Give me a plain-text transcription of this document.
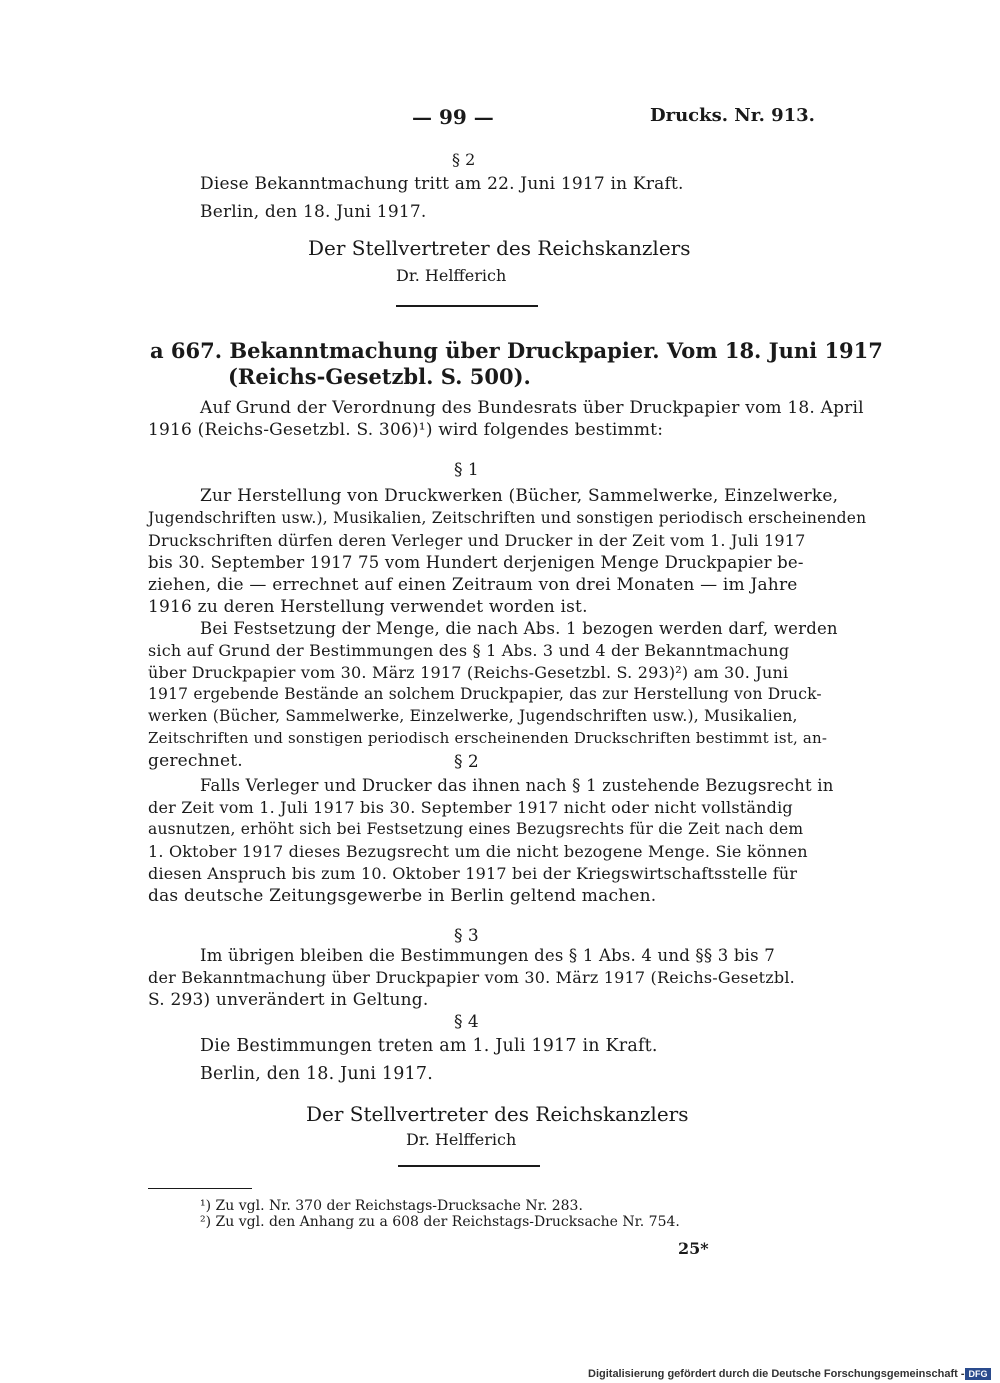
— 99 —	Drucks. Nr. 913.
§ 2
Diese Bekanntmachung tritt am 22. Juni 1917 in Kraft.
Berlin, den 18. Juni 1917.
Der Stellvertreter des Reichskanzlers
Dr. Helfferich
a 667. Bekanntmachung über Druckpapier. Vom 18. Juni 1917
(Reichs-Gesetzbl. S. 500).
Auf Grund der Verordnung des Bundesrats über Druckpapier vom 18. April
1916 (Reichs-Gesetzbl. S. 306)¹) wird folgendes bestimmt:
§ 1
Zur Herstellung von Druckwerken (Bücher, Sammelwerke, Einzelwerke,
Jugendschriften usw.), Musikalien, Zeitschriften und sonstigen periodisch erscheinenden
Druckschriften dürfen deren Verleger und Drucker in der Zeit vom 1. Juli 1917
bis 30. September 1917 75 vom Hundert derjenigen Menge Druckpapier be-
ziehen, die — errechnet auf einen Zeitraum von drei Monaten — im Jahre
1916 zu deren Herstellung verwendet worden ist.
Bei Festsetzung der Menge, die nach Abs. 1 bezogen werden darf, werden
sich auf Grund der Bestimmungen des § 1 Abs. 3 und 4 der Bekanntmachung
über Druckpapier vom 30. März 1917 (Reichs-Gesetzbl. S. 293)²) am 30. Juni
1917 ergebende Bestände an solchem Druckpapier, das zur Herstellung von Druck-
werken (Bücher, Sammelwerke, Einzelwerke, Jugendschriften usw.), Musikalien,
Zeitschriften und sonstigen periodisch erscheinenden Druckschriften bestimmt ist, an-
gerechnet.	§ 2
Falls Verleger und Drucker das ihnen nach § 1 zustehende Bezugsrecht in
der Zeit vom 1. Juli 1917 bis 30. September 1917 nicht oder nicht vollständig
ausnutzen, erhöht sich bei Festsetzung eines Bezugsrechts für die Zeit nach dem
1. Oktober 1917 dieses Bezugsrecht um die nicht bezogene Menge. Sie können
diesen Anspruch bis zum 10. Oktober 1917 bei der Kriegswirtschaftsstelle für
das deutsche Zeitungsgewerbe in Berlin geltend machen.
§ 3
Im übrigen bleiben die Bestimmungen des § 1 Abs. 4 und §§ 3 bis 7
der Bekanntmachung über Druckpapier vom 30. März 1917 (Reichs-Gesetzbl.
S. 293) unverändert in Geltung.
§ 4
Die Bestimmungen treten am 1. Juli 1917 in Kraft.
Berlin, den 18. Juni 1917.
Der Stellvertreter des Reichskanzlers
Dr. Helfferich
¹) Zu vgl. Nr. 370 der Reichstags-Drucksache Nr. 283.
²) Zu vgl. den Anhang zu a 608 der Reichstags-Drucksache Nr. 754.
25*
Digitalisierung gefördert durch die Deutsche Forschungsgemeinschaft - DFG
